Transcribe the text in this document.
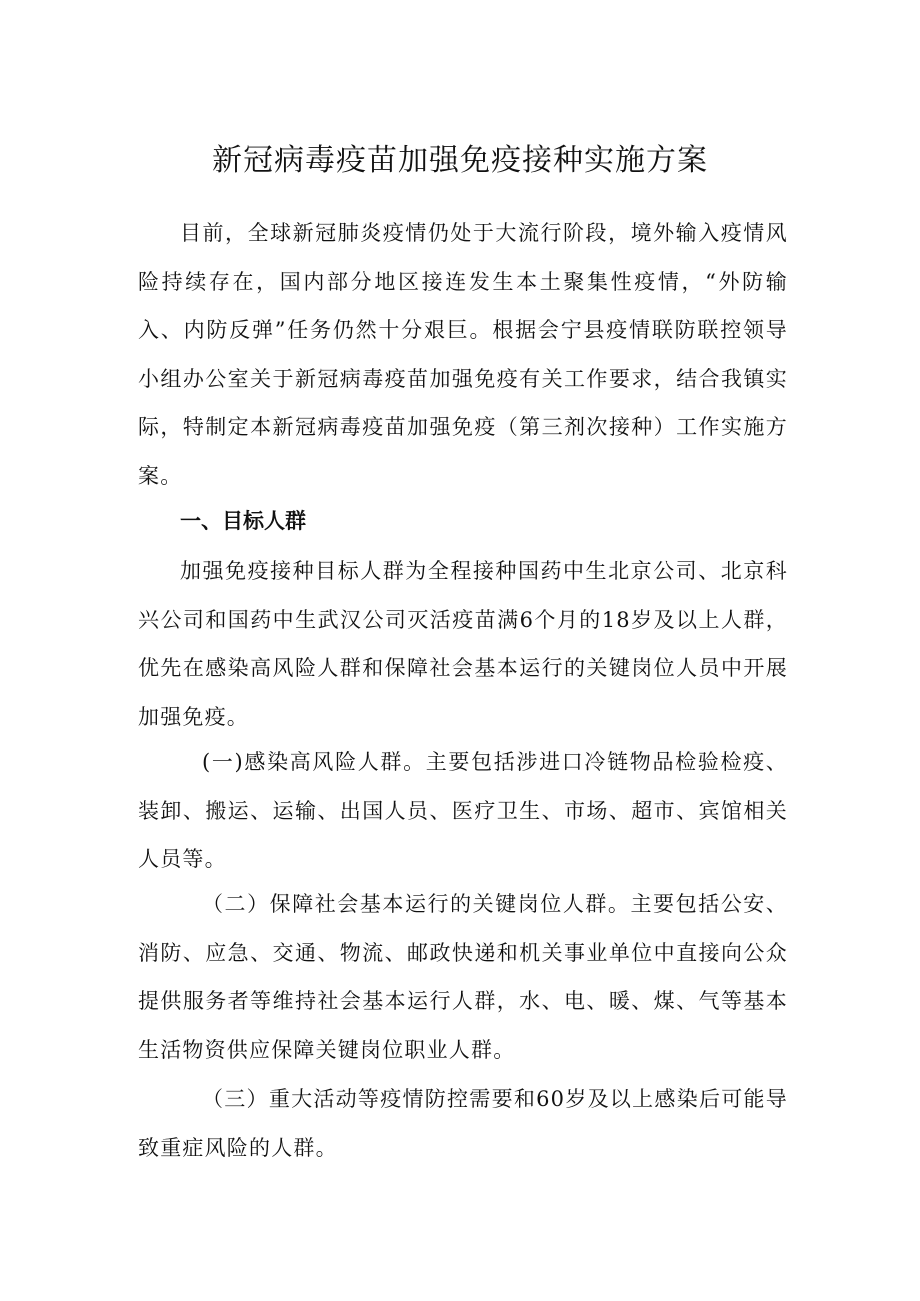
新冠病毒疫苗加强免疫接种实施方案

目前，全球新冠肺炎疫情仍处于大流行阶段，境外输入疫情风险持续存在，国内部分地区接连发生本土聚集性疫情，“外防输入、内防反弹”任务仍然十分艰巨。根据会宁县疫情联防联控领导小组办公室关于新冠病毒疫苗加强免疫有关工作要求，结合我镇实际，特制定本新冠病毒疫苗加强免疫（第三剂次接种）工作实施方案。

一、目标人群

加强免疫接种目标人群为全程接种国药中生北京公司、北京科兴公司和国药中生武汉公司灭活疫苗满6个月的18岁及以上人群，优先在感染高风险人群和保障社会基本运行的关键岗位人员中开展加强免疫。

(一)感染高风险人群。主要包括涉进口冷链物品检验检疫、装卸、搬运、运输、出国人员、医疗卫生、市场、超市、宾馆相关人员等。

（二）保障社会基本运行的关键岗位人群。主要包括公安、消防、应急、交通、物流、邮政快递和机关事业单位中直接向公众提供服务者等维持社会基本运行人群，水、电、暖、煤、气等基本生活物资供应保障关键岗位职业人群。

（三）重大活动等疫情防控需要和60岁及以上感染后可能导致重症风险的人群。
